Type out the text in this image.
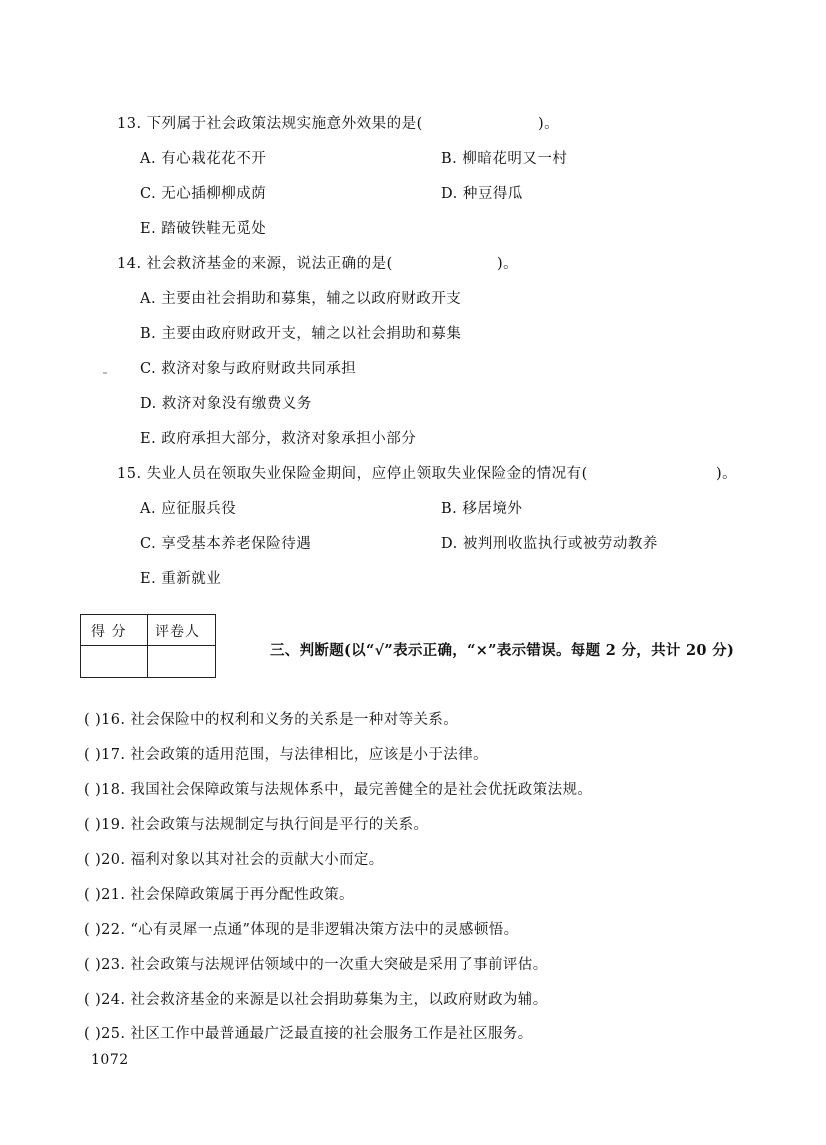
13. 下列属于社会政策法规实施意外效果的是(	)。
A. 有心栽花花不开	B. 柳暗花明又一村
C. 无心插柳柳成荫	D. 种豆得瓜
E. 踏破铁鞋无觅处
14. 社会救济基金的来源，说法正确的是(	)。
A. 主要由社会捐助和募集，辅之以政府财政开支
B. 主要由政府财政开支，辅之以社会捐助和募集
C. 救济对象与政府财政共同承担
D. 救济对象没有缴费义务
E. 政府承担大部分，救济对象承担小部分
15. 失业人员在领取失业保险金期间，应停止领取失业保险金的情况有(	)。
A. 应征服兵役	B. 移居境外
C. 享受基本养老保险待遇	D. 被判刑收监执行或被劳动教养
E. 重新就业
得 分 评卷人
三、判断题(以“√”表示正确，“×”表示错误。每题 2 分，共计 20 分)
( )16. 社会保险中的权利和义务的关系是一种对等关系。
( )17. 社会政策的适用范围，与法律相比，应该是小于法律。
( )18. 我国社会保障政策与法规体系中，最完善健全的是社会优抚政策法规。
( )19. 社会政策与法规制定与执行间是平行的关系。
( )20. 福利对象以其对社会的贡献大小而定。
( )21. 社会保障政策属于再分配性政策。
( )22. “心有灵犀一点通”体现的是非逻辑决策方法中的灵感顿悟。
( )23. 社会政策与法规评估领域中的一次重大突破是采用了事前评估。
( )24. 社会救济基金的来源是以社会捐助募集为主，以政府财政为辅。
( )25. 社区工作中最普通最广泛最直接的社会服务工作是社区服务。
1072
